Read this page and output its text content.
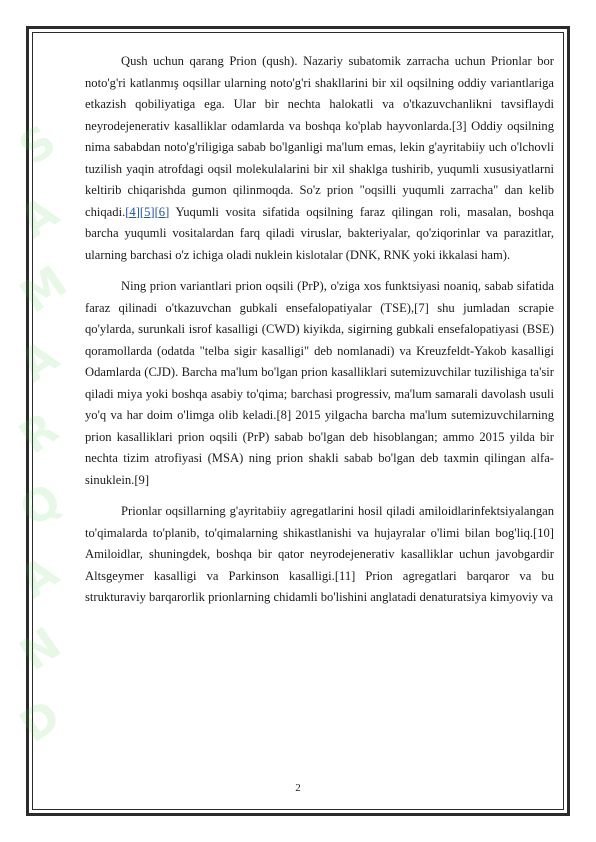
S
A
M
A
R
Q
A
N
D

Qush uchun qarang Prion (qush). Nazariy subatomik zarracha uchun Prionlar bor noto'g'ri katlanmış oqsillar ularning noto'g'ri shakllarini bir xil oqsilning oddiy variantlariga etkazish qobiliyatiga ega. Ular bir nechta halokatli va o'tkazuvchanlikni tavsiflaydi neyrodejenerativ kasalliklar odamlarda va boshqa ko'plab hayvonlarda.[3] Oddiy oqsilning nima sababdan noto'g'riligiga sabab bo'lganligi ma'lum emas, lekin g'ayritabiiy uch o'lchovli tuzilish yaqin atrofdagi oqsil molekulalarini bir xil shaklga tushirib, yuqumli xususiyatlarni keltirib chiqarishda gumon qilinmoqda. So'z prion "oqsilli yuqumli zarracha" dan kelib chiqadi.[4][5][6] Yuqumli vosita sifatida oqsilning faraz qilingan roli, masalan, boshqa barcha yuqumli vositalardan farq qiladi viruslar, bakteriyalar, qo'ziqorinlar va parazitlar, ularning barchasi o'z ichiga oladi nuklein kislotalar (DNK, RNK yoki ikkalasi ham).

Ning prion variantlari prion oqsili (PrP), o'ziga xos funktsiyasi noaniq, sabab sifatida faraz qilinadi o'tkazuvchan gubkali ensefalopatiyalar (TSE),[7] shu jumladan scrapie qo'ylarda, surunkali isrof kasalligi (CWD) kiyikda, sigirning gubkali ensefalopatiyasi (BSE) qoramollarda (odatda "telba sigir kasalligi" deb nomlanadi) va Kreuzfeldt-Yakob kasalligi Odamlarda (CJD). Barcha ma'lum bo'lgan prion kasalliklari sutemizuvchilar tuzilishiga ta'sir qiladi miya yoki boshqa asabiy to'qima; barchasi progressiv, ma'lum samarali davolash usuli yo'q va har doim o'limga olib keladi.[8] 2015 yilgacha barcha ma'lum sutemizuvchilarning prion kasalliklari prion oqsili (PrP) sabab bo'lgan deb hisoblangan; ammo 2015 yilda bir nechta tizim atrofiyasi (MSA) ning prion shakli sabab bo'lgan deb taxmin qilingan alfa-sinuklein.[9]

Prionlar oqsillarning g'ayritabiiy agregatlarini hosil qiladi amiloidlarinfektsiyalangan to'qimalarda to'planib, to'qimalarning shikastlanishi va hujayralar o'limi bilan bog'liq.[10] Amiloidlar, shuningdek, boshqa bir qator neyrodejenerativ kasalliklar uchun javobgardir Altsgeymer kasalligi va Parkinson kasalligi.[11] Prion agregatlari barqaror va bu strukturaviy barqarorlik prionlarning chidamli bo'lishini anglatadi denaturatsiya kimyoviy va

2
